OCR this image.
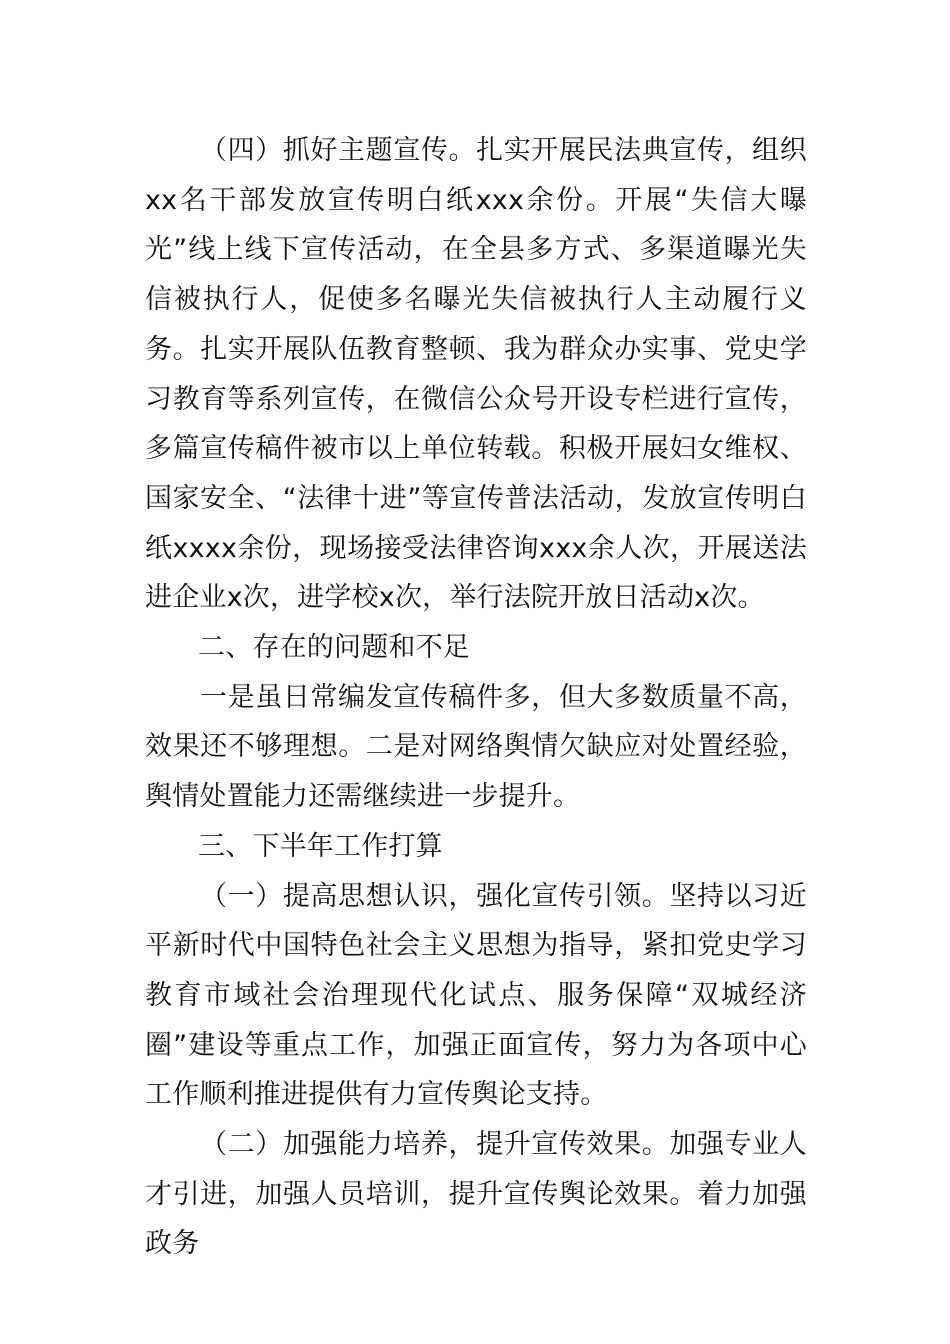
（四）抓好主题宣传。扎实开展民法典宣传，组织xx名干部发放宣传明白纸xxx余份。开展“失信大曝光”线上线下宣传活动，在全县多方式、多渠道曝光失信被执行人，促使多名曝光失信被执行人主动履行义务。扎实开展队伍教育整顿、我为群众办实事、党史学习教育等系列宣传，在微信公众号开设专栏进行宣传，多篇宣传稿件被市以上单位转载。积极开展妇女维权、国家安全、“法律十进”等宣传普法活动，发放宣传明白纸xxxx余份，现场接受法律咨询xxx余人次，开展送法进企业x次，进学校x次，举行法院开放日活动x次。

二、存在的问题和不足

一是虽日常编发宣传稿件多，但大多数质量不高，效果还不够理想。二是对网络舆情欠缺应对处置经验，舆情处置能力还需继续进一步提升。

三、下半年工作打算

（一）提高思想认识，强化宣传引领。坚持以习近平新时代中国特色社会主义思想为指导，紧扣党史学习教育市域社会治理现代化试点、服务保障“双城经济圈”建设等重点工作，加强正面宣传，努力为各项中心工作顺利推进提供有力宣传舆论支持。

（二）加强能力培养，提升宣传效果。加强专业人才引进，加强人员培训，提升宣传舆论效果。着力加强政务
